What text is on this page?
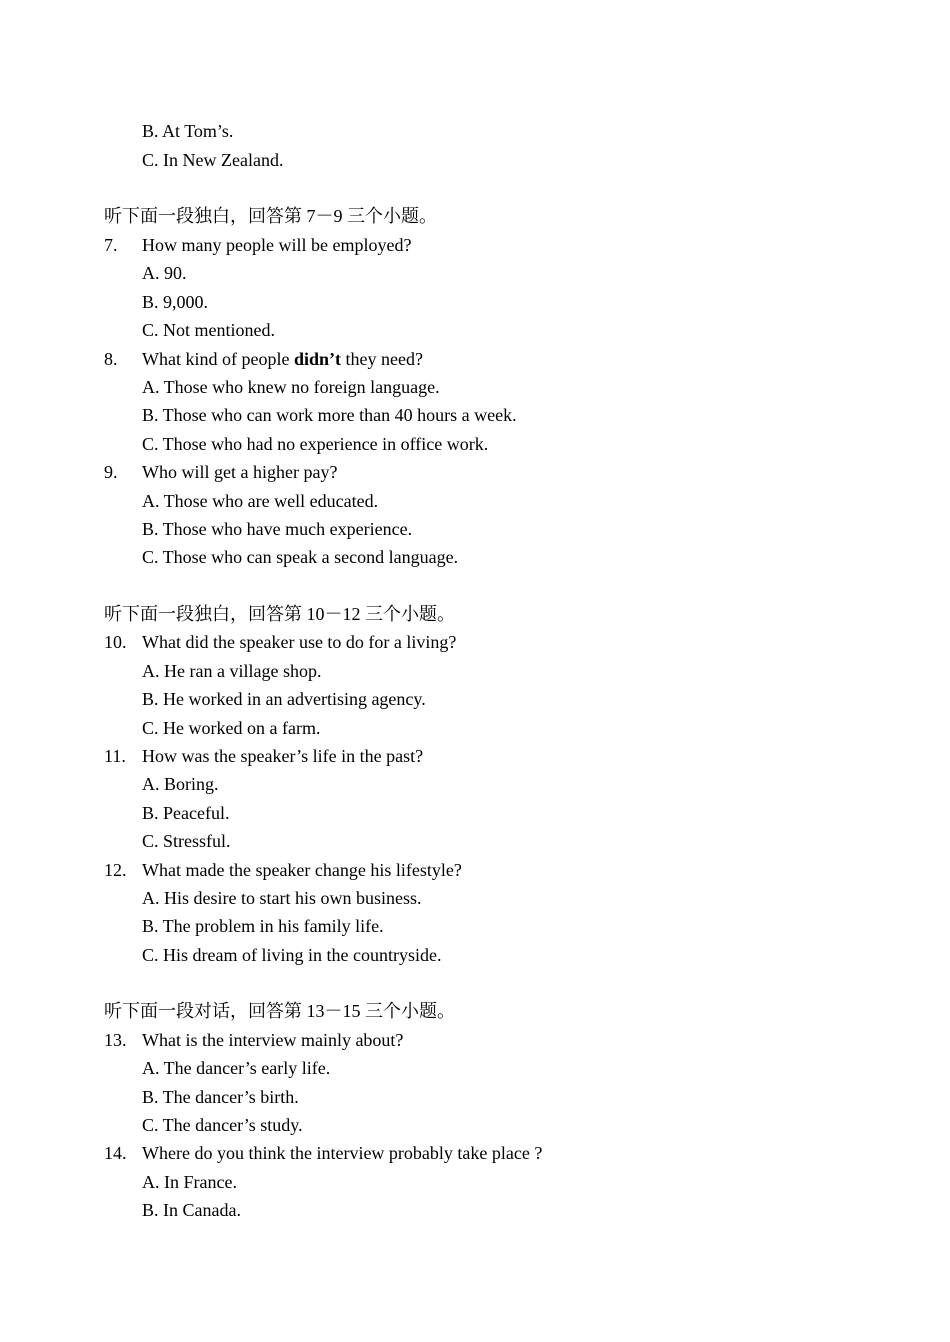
B. At Tom’s.
C. In New Zealand.
听下面一段独白，回答第 7－9 三个小题。
7. How many people will be employed?
A. 90.
B. 9,000.
C. Not mentioned.
8. What kind of people didn’t they need?
A. Those who knew no foreign language.
B. Those who can work more than 40 hours a week.
C. Those who had no experience in office work.
9. Who will get a higher pay?
A. Those who are well educated.
B. Those who have much experience.
C. Those who can speak a second language.
听下面一段独白，回答第 10－12 三个小题。
10. What did the speaker use to do for a living?
A. He ran a village shop.
B. He worked in an advertising agency.
C. He worked on a farm.
11. How was the speaker’s life in the past?
A. Boring.
B. Peaceful.
C. Stressful.
12. What made the speaker change his lifestyle?
A. His desire to start his own business.
B. The problem in his family life.
C. His dream of living in the countryside.
听下面一段对话，回答第 13－15 三个小题。
13. What is the interview mainly about?
A. The dancer’s early life.
B. The dancer’s birth.
C. The dancer’s study.
14. Where do you think the interview probably take place ?
A. In France.
B. In Canada.
